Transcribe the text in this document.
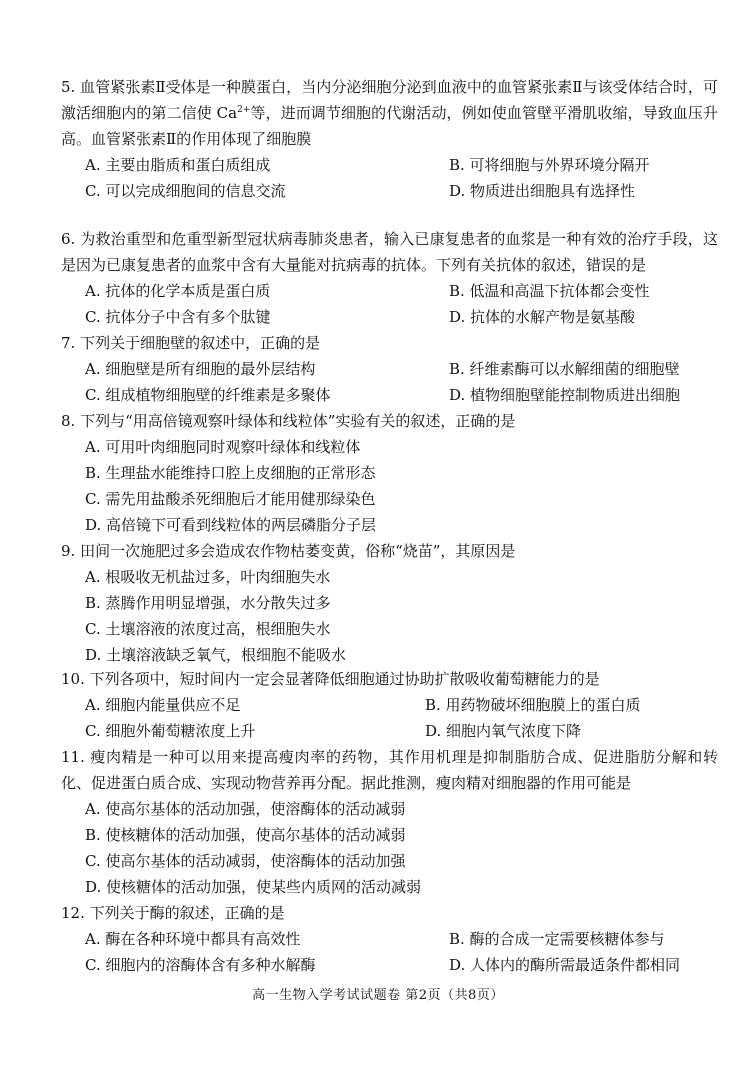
5. 血管紧张素Ⅱ受体是一种膜蛋白，当内分泌细胞分泌到血液中的血管紧张素Ⅱ与该受体结合时，可激活细胞内的第二信使 $Ca^{2+}$等，进而调节细胞的代谢活动，例如使血管壁平滑肌收缩，导致血压升高。血管紧张素Ⅱ的作用体现了细胞膜
A. 主要由脂质和蛋白质组成	B. 可将细胞与外界环境分隔开
C. 可以完成细胞间的信息交流	D. 物质进出细胞具有选择性
6. 为救治重型和危重型新型冠状病毒肺炎患者，输入已康复患者的血浆是一种有效的治疗手段，这是因为已康复患者的血浆中含有大量能对抗病毒的抗体。下列有关抗体的叙述，错误的是
A. 抗体的化学本质是蛋白质	B. 低温和高温下抗体都会变性
C. 抗体分子中含有多个肽键	D. 抗体的水解产物是氨基酸
7. 下列关于细胞壁的叙述中，正确的是
A. 细胞壁是所有细胞的最外层结构	B. 纤维素酶可以水解细菌的细胞壁
C. 组成植物细胞壁的纤维素是多聚体	D. 植物细胞壁能控制物质进出细胞
8. 下列与“用高倍镜观察叶绿体和线粒体”实验有关的叙述，正确的是
A. 可用叶肉细胞同时观察叶绿体和线粒体
B. 生理盐水能维持口腔上皮细胞的正常形态
C. 需先用盐酸杀死细胞后才能用健那绿染色
D. 高倍镜下可看到线粒体的两层磷脂分子层
9. 田间一次施肥过多会造成农作物枯萎变黄，俗称“烧苗”，其原因是
A. 根吸收无机盐过多，叶肉细胞失水
B. 蒸腾作用明显增强，水分散失过多
C. 土壤溶液的浓度过高，根细胞失水
D. 土壤溶液缺乏氧气，根细胞不能吸水
10. 下列各项中，短时间内一定会显著降低细胞通过协助扩散吸收葡萄糖能力的是
A. 细胞内能量供应不足	B. 用药物破坏细胞膜上的蛋白质
C. 细胞外葡萄糖浓度上升	D. 细胞内氧气浓度下降
11. 瘦肉精是一种可以用来提高瘦肉率的药物，其作用机理是抑制脂肪合成、促进脂肪分解和转化、促进蛋白质合成、实现动物营养再分配。据此推测，瘦肉精对细胞器的作用可能是
A. 使高尔基体的活动加强，使溶酶体的活动减弱
B. 使核糖体的活动加强，使高尔基体的活动减弱
C. 使高尔基体的活动减弱，使溶酶体的活动加强
D. 使核糖体的活动加强，使某些内质网的活动减弱
12. 下列关于酶的叙述，正确的是
A. 酶在各种环境中都具有高效性	B. 酶的合成一定需要核糖体参与
C. 细胞内的溶酶体含有多种水解酶	D. 人体内的酶所需最适条件都相同
高一生物入学考试试题卷 第2页（共8页）
